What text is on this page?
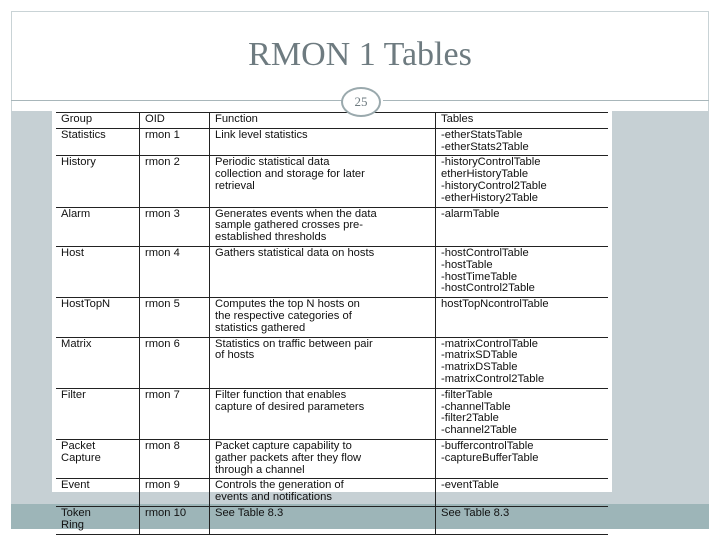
RMON 1 Tables
Group	OID	Function	Tables

Statistics	rmon 1	Link level statistics	-etherStatsTable
-etherStats2Table

History	rmon 2	Periodic statistical data
collection and storage for later
retrieval	-historyControlTable
etherHistoryTable
-historyControl2Table
-etherHistory2Table

Alarm	rmon 3	Generates events when the data
sample gathered crosses pre-
established thresholds	-alarmTable

Host	rmon 4	Gathers statistical data on hosts	-hostControlTable
-hostTable
-hostTimeTable
-hostControl2Table

HostTopN	rmon 5	Computes the top N hosts on
the respective categories of
statistics gathered	hostTopNcontrolTable

Matrix	rmon 6	Statistics on traffic between pair
of hosts	-matrixControlTable
-matrixSDTable
-matrixDSTable
-matrixControl2Table

Filter	rmon 7	Filter function that enables
capture of desired parameters	-filterTable
-channelTable
-filter2Table
-channel2Table

Packet
Capture	rmon 8	Packet capture capability to
gather packets after they flow
through a channel	-buffercontrolTable
-captureBufferTable

Event	rmon 9	Controls the generation of
events and notifications	-eventTable

Token
Ring	rmon 10	See Table 8.3	See Table 8.3
25
